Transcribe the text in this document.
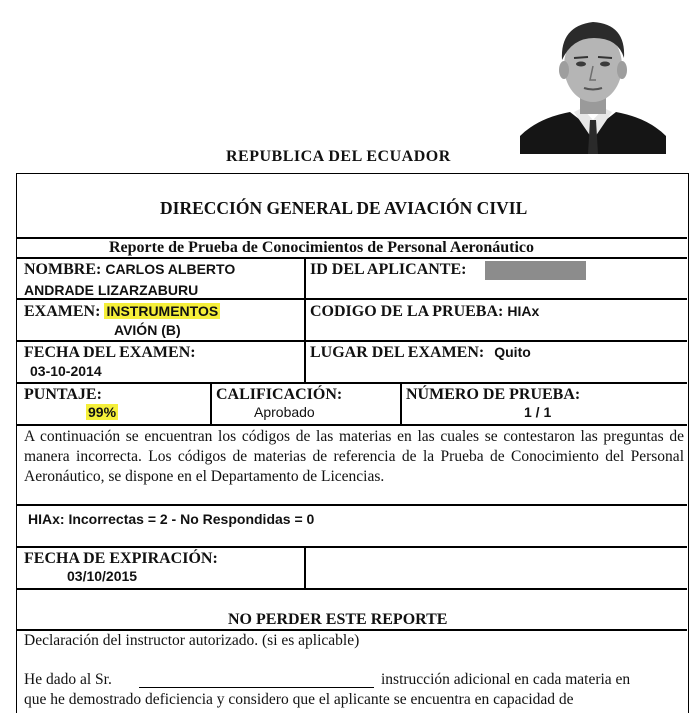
REPUBLICA DEL ECUADOR
DIRECCIÓN GENERAL DE AVIACIÓN CIVIL
Reporte de Prueba de Conocimientos de Personal Aeronáutico
NOMBRE: CARLOS ALBERTO
ANDRADE LIZARZABURU
ID DEL APLICANTE:
EXAMEN: INSTRUMENTOS
AVIÓN (B)
CODIGO DE LA PRUEBA: HIAx
FECHA DEL EXAMEN:
03-10-2014
LUGAR DEL EXAMEN: Quito
PUNTAJE:
99%
CALIFICACIÓN:
Aprobado
NÚMERO DE PRUEBA:
1 / 1
A continuación se encuentran los códigos de las materias en las cuales se contestaron las preguntas de manera incorrecta. Los códigos de materias de referencia de la Prueba de Conocimiento del Personal Aeronáutico, se dispone en el Departamento de Licencias.
HIAx: Incorrectas = 2 - No Respondidas = 0
FECHA DE EXPIRACIÓN:
03/10/2015
NO PERDER ESTE REPORTE
Declaración del instructor autorizado. (si es aplicable)
He dado al Sr.	instrucción adicional en cada materia en
que he demostrado deficiencia y considero que el aplicante se encuentra en capacidad de
